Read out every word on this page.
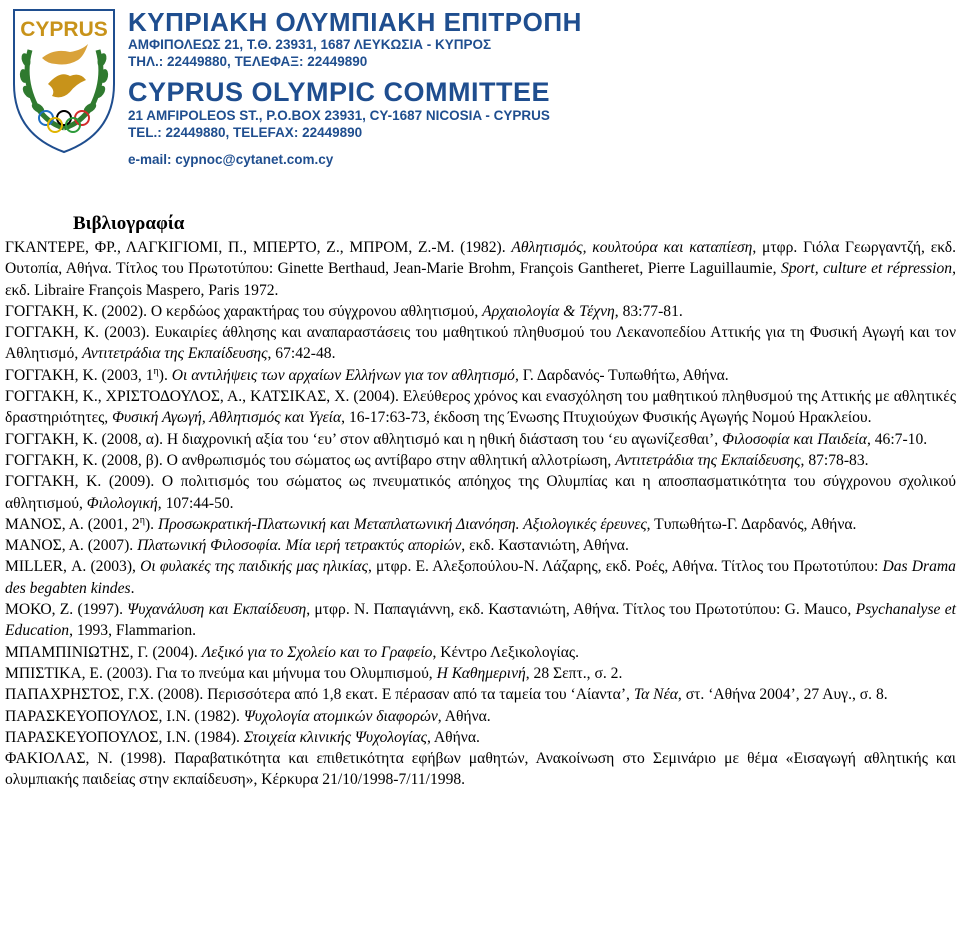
CYPRUS ΚΥΠΡΙΑΚΗ ΟΛΥΜΠΙΑΚΗ ΕΠΙΤΡΟΠΗ
ΑΜΦΙΠΟΛΕΩΣ 21, Τ.Θ. 23931, 1687 ΛΕΥΚΩΣΙΑ - ΚΥΠΡΟΣ
ΤΗΛ.: 22449880, ΤΕΛΕΦΑΞ: 22449890
CYPRUS OLYMPIC COMMITTEE
21 AMFIPOLEOS ST., P.O.BOX 23931, CY-1687 NICOSIA - CYPRUS
TEL.: 22449880, TELEFAX: 22449890
e-mail: cypnoc@cytanet.com.cy
Βιβλιογραφία

ΓΚΑΝΤΕΡΕ, ΦΡ., ΛΑΓΚΙΓΙΟΜΙ, Π., ΜΠΕΡΤΟ, Ζ., ΜΠΡΟΜ, Ζ.-Μ. (1982). Αθλητισμός, κουλτούρα και καταπίεση, μτφρ. Γιόλα Γεωργαντζή, εκδ. Ουτοπία, Αθήνα. Τίτλος του Πρωτοτύπου: Ginette Berthaud, Jean-Marie Brohm, François Gantheret, Pierre Laguillaumie, Sport, culture et répression, εκδ. Libraire François Maspero, Paris 1972.

ΓΟΓΓΑΚΗ, Κ. (2002). Ο κερδώος χαρακτήρας του σύγχρονου αθλητισμού, Αρχαιολογία & Τέχνη, 83:77-81.

ΓΟΓΓΑΚΗ, Κ. (2003). Ευκαιρίες άθλησης και αναπαραστάσεις του μαθητικού πληθυσμού του Λεκανοπεδίου Αττικής για τη Φυσική Αγωγή και τον Αθλητισμό, Αντιτετράδια της Εκπαίδευσης, 67:42-48.

ΓΟΓΓΑΚΗ, Κ. (2003, $1^\eta$). Οι αντιλήψεις των αρχαίων Ελλήνων για τον αθλητισμό, Γ. Δαρδανός- Τυπωθήτω, Αθήνα.

ΓΟΓΓΑΚΗ, Κ., ΧΡΙΣΤΟΔΟΥΛΟΣ, Α., ΚΑΤΣΙΚΑΣ, Χ. (2004). Ελεύθερος χρόνος και ενασχόληση του μαθητικού πληθυσμού της Αττικής με αθλητικές δραστηριότητες, Φυσική Αγωγή, Αθλητισμός και Υγεία, 16-17:63-73, έκδοση της Ένωσης Πτυχιούχων Φυσικής Αγωγής Νομού Ηρακλείου.

ΓΟΓΓΑΚΗ, Κ. (2008, α). Η διαχρονική αξία του ‘ευ’ στον αθλητισμό και η ηθική διάσταση του ‘ευ αγωνίζεσθαι’, Φιλοσοφία και Παιδεία, 46:7-10.

ΓΟΓΓΑΚΗ, Κ. (2008, β). Ο ανθρωπισμός του σώματος ως αντίβαρο στην αθλητική αλλοτρίωση, Αντιτετράδια της Εκπαίδευσης, 87:78-83.

ΓΟΓΓΑΚΗ, Κ. (2009). Ο πολιτισμός του σώματος ως πνευματικός απόηχος της Ολυμπίας και η αποσπασματικότητα του σύγχρονου σχολικού αθλητισμού, Φιλολογική, 107:44-50.

ΜΑΝΟΣ, Α. (2001, $2^\eta$). Προσωκρατική-Πλατωνική και Μεταπλατωνική Διανόηση. Αξιολογικές έρευνες, Τυπωθήτω-Γ. Δαρδανός, Αθήνα.

ΜΑΝΟΣ, Α. (2007). Πλατωνική Φιλοσοφία. Μία ιερή τετρακτύς απορiών, εκδ. Καστανιώτη, Αθήνα.

MILLER, Α. (2003), Οι φυλακές της παιδικής μας ηλικίας, μτφρ. Ε. Αλεξοπούλου-Ν. Λάζαρης, εκδ. Ροές, Αθήνα. Τίτλος του Πρωτοτύπου: Das Drama des begabten kindes.

ΜΟΚΟ, Ζ. (1997). Ψυχανάλυση και Εκπαίδευση, μτφρ. Ν. Παπαγιάννη, εκδ. Καστανιώτη, Αθήνα. Τίτλος του Πρωτοτύπου: G. Mauco, Psychanalyse et Education, 1993, Flammarion.

ΜΠΑΜΠΙΝΙΩΤΗΣ, Γ. (2004). Λεξικό για το Σχολείο και το Γραφείο, Κέντρο Λεξικολογίας.

ΜΠΙΣΤΙΚΑ, Ε. (2003). Για το πνεύμα και μήνυμα του Ολυμπισμού, Η Καθημερινή, 28 Σεπτ., σ. 2.

ΠΑΠΑΧΡΗΣΤΟΣ, Γ.Χ. (2008). Περισσότερα από 1,8 εκατ. Ε πέρασαν από τα ταμεία του ‘Αίαντα’, Τα Νέα, στ. ‘Αθήνα 2004’, 27 Αυγ., σ. 8.

ΠΑΡΑΣΚΕΥΟΠΟΥΛΟΣ, Ι.Ν. (1982). Ψυχολογία ατομικών διαφορών, Αθήνα.

ΠΑΡΑΣΚΕΥΟΠΟΥΛΟΣ, Ι.Ν. (1984). Στοιχεία κλινικής Ψυχολογίας, Αθήνα.

ΦΑΚΙΟΛΑΣ, Ν. (1998). Παραβατικότητα και επιθετικότητα εφήβων μαθητών, Ανακοίνωση στο Σεμινάριο με θέμα «Εισαγωγή αθλητικής και ολυμπιακής παιδείας στην εκπαίδευση», Κέρκυρα 21/10/1998-7/11/1998.
